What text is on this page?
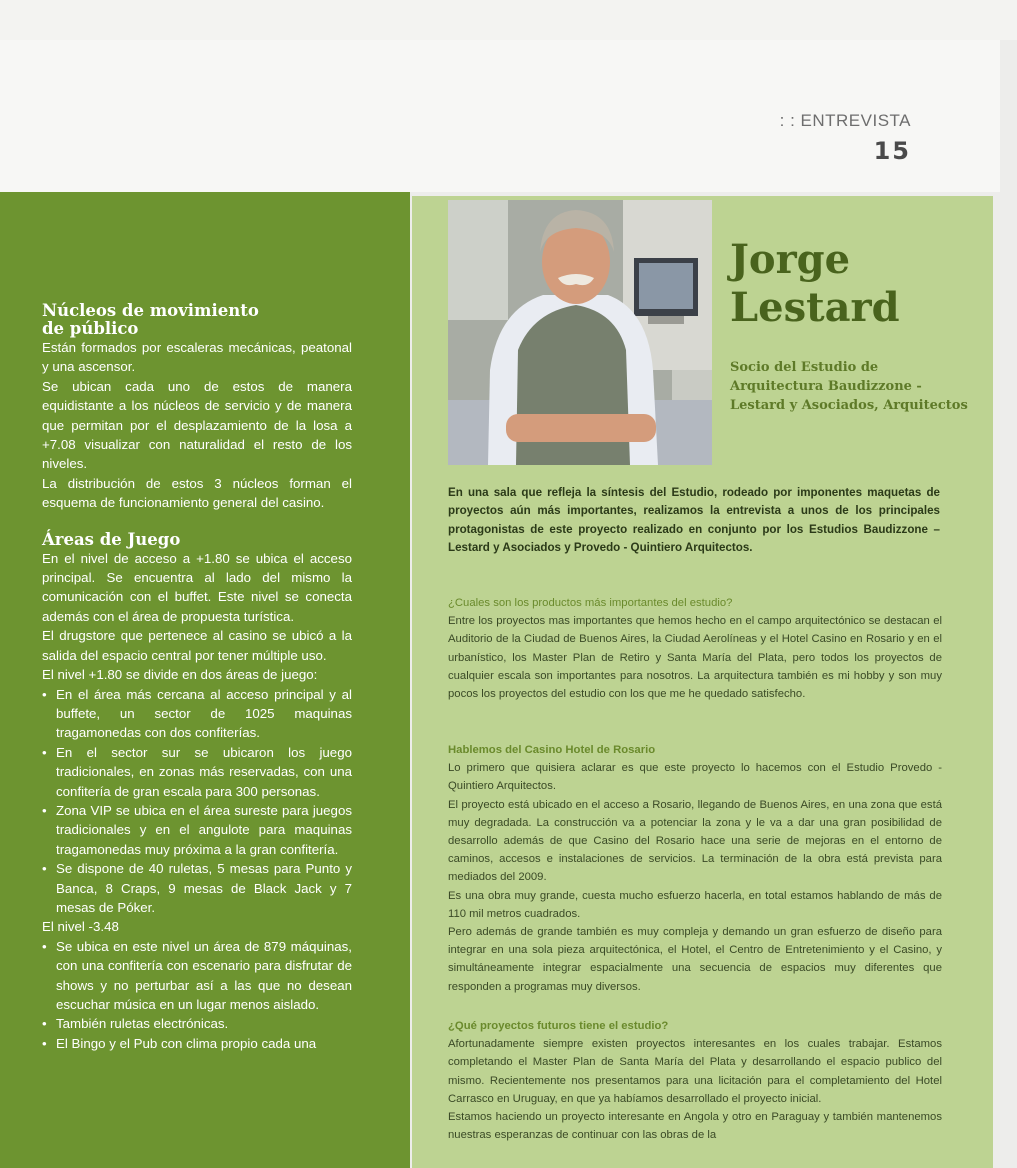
: : ENTREVISTA
15
Núcleos de movimiento
de público

Están formados por escaleras mecánicas, peatonal y una ascensor.

Se ubican cada uno de estos de manera equidistante a los núcleos de servicio y de manera que permitan por el desplazamiento de la losa a +7.08 visualizar con naturalidad el resto de los niveles.

La distribución de estos 3 núcleos forman el esquema de funcionamiento general del casino.

Áreas de Juego

En el nivel de acceso a +1.80 se ubica el acceso principal. Se encuentra al lado del mismo la comunicación con el buffet. Este nivel se conecta además con el área de propuesta turística.

El drugstore que pertenece al casino se ubicó a la salida del espacio central por tener múltiple uso.

El nivel +1.80 se divide en dos áreas de juego:

• En el área más cercana al acceso principal y al buffete, un sector de 1025 maquinas tragamonedas con dos confiterías.
• En el sector sur se ubicaron los juego tradicionales, en zonas más reservadas, con una confitería de gran escala para 300 personas.
• Zona VIP se ubica en el área sureste para juegos tradicionales y en el angulote para maquinas tragamonedas muy próxima a la gran confitería.
• Se dispone de 40 ruletas, 5 mesas para Punto y Banca, 8 Craps, 9 mesas de Black Jack y 7 mesas de Póker.

El nivel -3.48

• Se ubica en este nivel un área de 879 máquinas, con una confitería con escenario para disfrutar de shows y no perturbar así a las que no desean escuchar música en un lugar menos aislado.
• También ruletas electrónicas.
• El Bingo y el Pub con clima propio cada una
Jorge
Lestard
Socio del Estudio de Arquitectura Baudizzone - Lestard y Asociados, Arquitectos
En una sala que refleja la síntesis del Estudio, rodeado por imponentes maquetas de proyectos aún más importantes, realizamos la entrevista a unos de los principales protagonistas de este proyecto realizado en conjunto por los Estudios Baudizzone – Lestard y Asociados y Provedo - Quintiero Arquitectos.

¿Cuales son los productos más importantes del estudio?

Entre los proyectos mas importantes que hemos hecho en el campo arquitectónico se destacan el Auditorio de la Ciudad de Buenos Aires, la Ciudad Aerolíneas y el Hotel Casino en Rosario y en el urbanístico, los Master Plan de Retiro y Santa María del Plata, pero todos los proyectos de cualquier escala son importantes para nosotros. La arquitectura también es mi hobby y son muy pocos los proyectos del estudio con los que me he quedado satisfecho.

Hablemos del Casino Hotel de Rosario

Lo primero que quisiera aclarar es que este proyecto lo hacemos con el Estudio Provedo - Quintiero Arquitectos.

El proyecto está ubicado en el acceso a Rosario, llegando de Buenos Aires, en una zona que está muy degradada. La construcción va a potenciar la zona y le va a dar una gran posibilidad de desarrollo además de que Casino del Rosario hace una serie de mejoras en el entorno de caminos, accesos e instalaciones de servicios. La terminación de la obra está prevista para mediados del 2009.

Es una obra muy grande, cuesta mucho esfuerzo hacerla, en total estamos hablando de más de 110 mil metros cuadrados.

Pero además de grande también es muy compleja y demando un gran esfuerzo de diseño para integrar en una sola pieza arquitectónica, el Hotel, el Centro de Entretenimiento y el Casino, y simultáneamente integrar espacialmente una secuencia de espacios muy diferentes que responden a programas muy diversos.

¿Qué proyectos futuros tiene el estudio?

Afortunadamente siempre existen proyectos interesantes en los cuales trabajar. Estamos completando el Master Plan de Santa María del Plata y desarrollando el espacio publico del mismo. Recientemente nos presentamos para una licitación para el completamiento del Hotel Carrasco en Uruguay, en que ya habíamos desarrollado el proyecto inicial.

Estamos haciendo un proyecto interesante en Angola y otro en Paraguay y también mantenemos nuestras esperanzas de continuar con las obras de la
